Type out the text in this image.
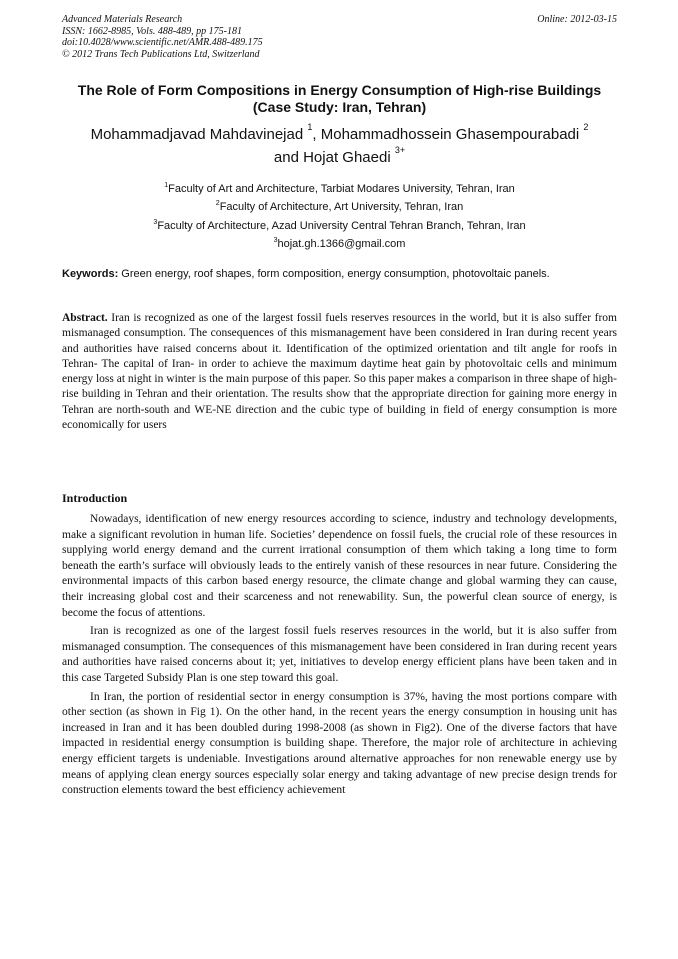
Advanced Materials Research
ISSN: 1662-8985, Vols. 488-489, pp 175-181
doi:10.4028/www.scientific.net/AMR.488-489.175
© 2012 Trans Tech Publications Ltd, Switzerland
Online: 2012-03-15
The Role of Form Compositions in Energy Consumption of High-rise Buildings (Case Study: Iran, Tehran)
Mohammadjavad Mahdavinejad $^1$, Mohammadhossein Ghasempourabadi $^2$
and Hojat Ghaedi $^{3+}$
$^1$Faculty of Art and Architecture, Tarbiat Modares University, Tehran, Iran
$^2$Faculty of Architecture, Art University, Tehran, Iran
$^3$Faculty of Architecture, Azad University Central Tehran Branch, Tehran, Iran
$^3$hojat.gh.1366@gmail.com
Keywords: Green energy, roof shapes, form composition, energy consumption, photovoltaic panels.
Abstract. Iran is recognized as one of the largest fossil fuels reserves resources in the world, but it is also suffer from mismanaged consumption. The consequences of this mismanagement have been considered in Iran during recent years and authorities have raised concerns about it. Identification of the optimized orientation and tilt angle for roofs in Tehran- The capital of Iran- in order to achieve the maximum daytime heat gain by photovoltaic cells and minimum energy loss at night in winter is the main purpose of this paper. So this paper makes a comparison in three shape of high-rise building in Tehran and their orientation. The results show that the appropriate direction for gaining more energy in Tehran are north-south and WE-NE direction and the cubic type of building in field of energy consumption is more economically for users
Introduction

Nowadays, identification of new energy resources according to science, industry and technology developments, make a significant revolution in human life. Societies’ dependence on fossil fuels, the crucial role of these resources in supplying world energy demand and the current irrational consumption of them which taking a long time to form beneath the earth’s surface will obviously leads to the entirely vanish of these resources in near future. Considering the environmental impacts of this carbon based energy resource, the climate change and global warming they can cause, their increasing global cost and their scarceness and not renewability. Sun, the powerful clean source of energy, is become the focus of attentions.

Iran is recognized as one of the largest fossil fuels reserves resources in the world, but it is also suffer from mismanaged consumption. The consequences of this mismanagement have been considered in Iran during recent years and authorities have raised concerns about it; yet, initiatives to develop energy efficient plans have been taken and in this case Targeted Subsidy Plan is one step toward this goal.

In Iran, the portion of residential sector in energy consumption is 37%, having the most portions compare with other section (as shown in Fig 1). On the other hand, in the recent years the energy consumption in housing unit has increased in Iran and it has been doubled during 1998-2008 (as shown in Fig2). One of the diverse factors that have impacted in residential energy consumption is building shape. Therefore, the major role of architecture in achieving energy efficient targets is undeniable. Investigations around alternative approaches for non renewable energy use by means of applying clean energy sources especially solar energy and taking advantage of new precise design trends for construction elements toward the best efficiency achievement
